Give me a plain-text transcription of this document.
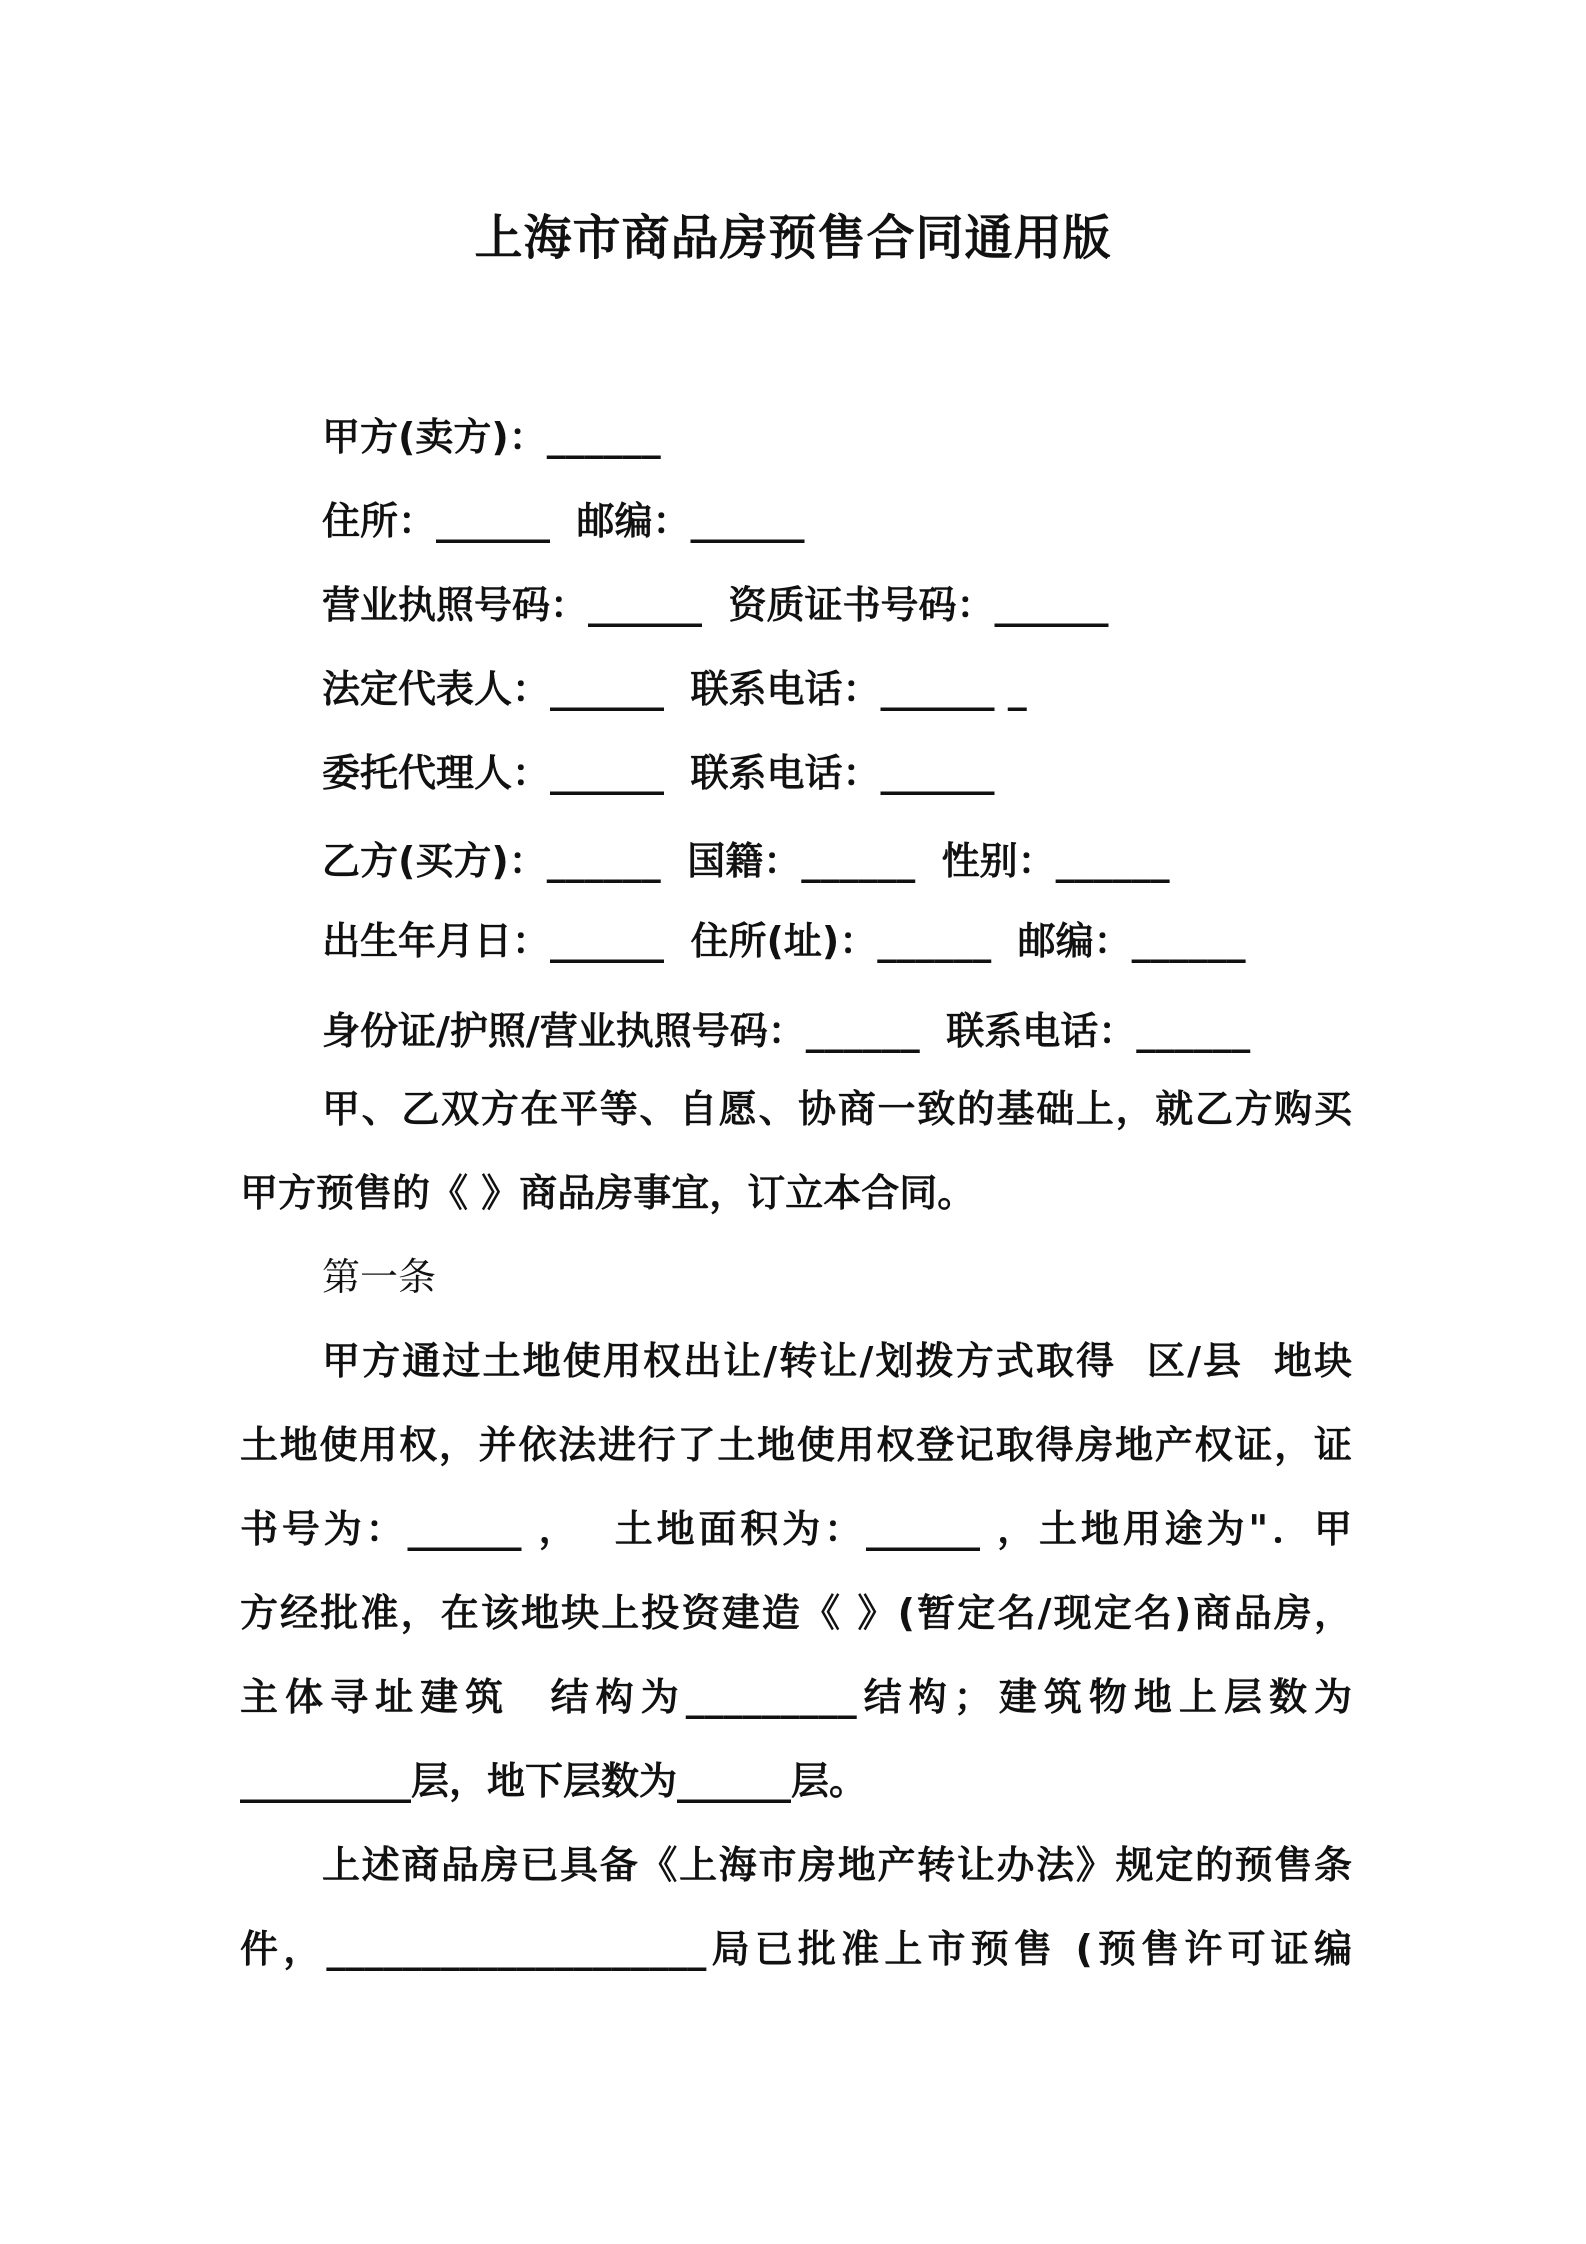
上海市商品房预售合同通用版
甲方(卖方)：______
住所：______  邮编：______
营业执照号码：______  资质证书号码：______
法定代表人：______  联系电话：______ _
委托代理人：______  联系电话：______
乙方(买方)：______  国籍：______  性别：______
出生年月日：______  住所(址)：______  邮编：______
身份证/护照/营业执照号码：______  联系电话：______
甲、乙双方在平等、自愿、协商一致的基础上，就乙方购买
甲方预售的《 》商品房事宜，订立本合同。
第一条
甲方通过土地使用权出让/转让/划拨方式取得  区/县  地块
土地使用权，并依法进行了土地使用权登记取得房地产权证，证
书号为：______ ，  土地面积为：______ ，土地用途为"．甲
方经批准，在该地块上投资建造《 》(暂定名/现定名)商品房，
主体寻址建筑  结构为_________结构；建筑物地上层数为
_________层，地下层数为______层。
上述商品房已具备《上海市房地产转让办法》规定的预售条
件，____________________局已批准上市预售 (预售许可证编
